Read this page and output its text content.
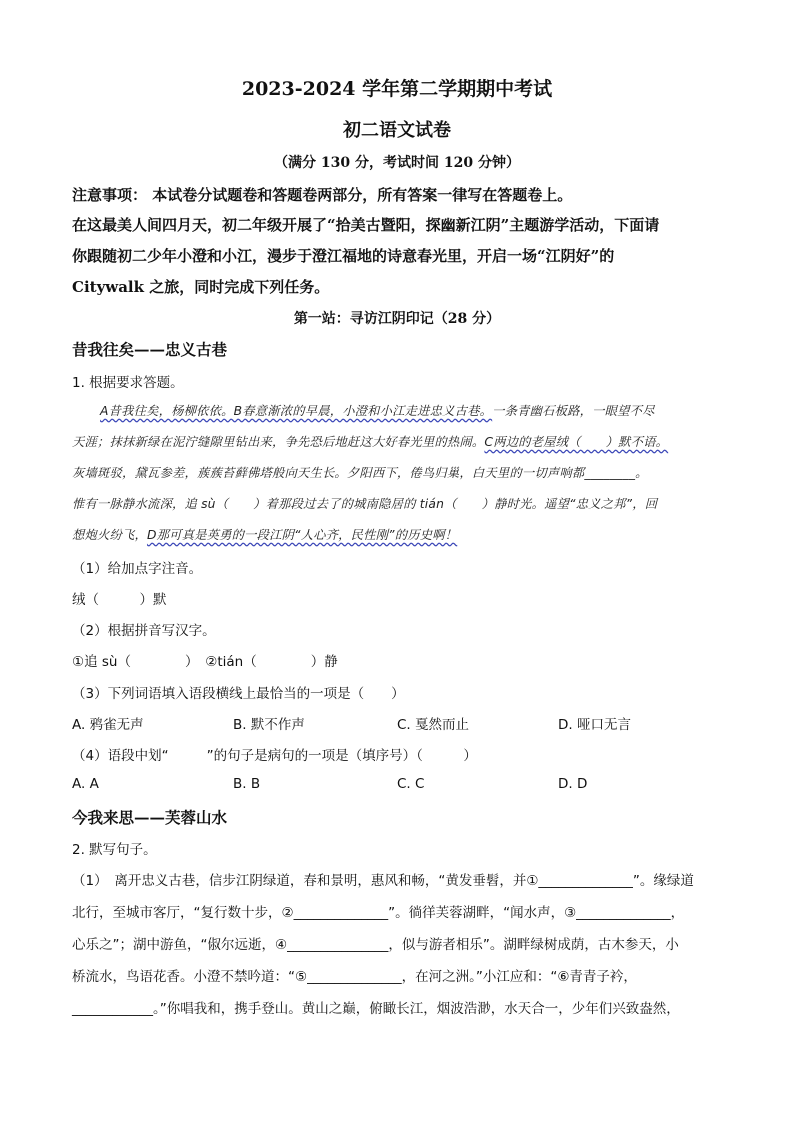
2023-2024 学年第二学期期中考试
初二语文试卷
（满分 130 分，考试时间 120 分钟）
注意事项： 本试卷分试题卷和答题卷两部分，所有答案一律写在答题卷上。
在这最美人间四月天，初二年级开展了“拾美古暨阳，探幽新江阴”主题游学活动，下面请
你跟随初二少年小澄和小江，漫步于澄江福地的诗意春光里，开启一场“江阴好”的
Citywalk 之旅，同时完成下列任务。
第一站：寻访江阴印记（28 分）
昔我往矣——忠义古巷
1. 根据要求答题。
A昔我往矣，杨柳依依。B春意渐浓的早晨，小澄和小江走进忠义古巷。一条青幽石板路，一眼望不尽
天涯；抹抹新绿在泥泞缝隙里钻出来，争先恐后地赶这大好春光里的热闹。C两边的老屋绒（　　）默不语。
灰墙斑驳，黛瓦参差，蔟蔟苔藓佛塔般向天生长。夕阳西下，倦鸟归巢，白天里的一切声响都________。
惟有一脉静水流深，追 sù（　　）着那段过去了的城南隐居的 tián（　　）静时光。遥望“忠义之邦”，回
想炮火纷飞，D那可真是英勇的一段江阴“人心齐，民性刚”的历史啊！
（1）给加点字注音。
绒（　　　）默
（2）根据拼音写汉字。
①追 sù（　　　　）　②tián（　　　　）静
（3）下列词语填入语段横线上最恰当的一项是（　　）
A. 鸦雀无声	B. 默不作声	C. 戛然而止	D. 哑口无言
（4）语段中划“	”的句子是病句的一项是（填序号）（　　　）
A. A	B. B	C. C	D. D
今我来思——芙蓉山水
2. 默写句子。
（1）　离开忠义古巷，信步江阴绿道，春和景明，惠风和畅，“黄发垂髫，并①______________”。缘绿道
北行，至城市客厅，“复行数十步，②______________”。徜徉芙蓉湖畔，“闻水声，③______________，
心乐之”；湖中游鱼，“俶尔远逝，④_______________，似与游者相乐”。湖畔绿树成荫，古木参天，小
桥流水，鸟语花香。小澄不禁吟道：“⑤______________，在河之洲。”小江应和：“⑥青青子衿，
____________。”你唱我和，携手登山。黄山之巅，俯瞰长江，烟波浩渺，水天合一，少年们兴致盎然，
